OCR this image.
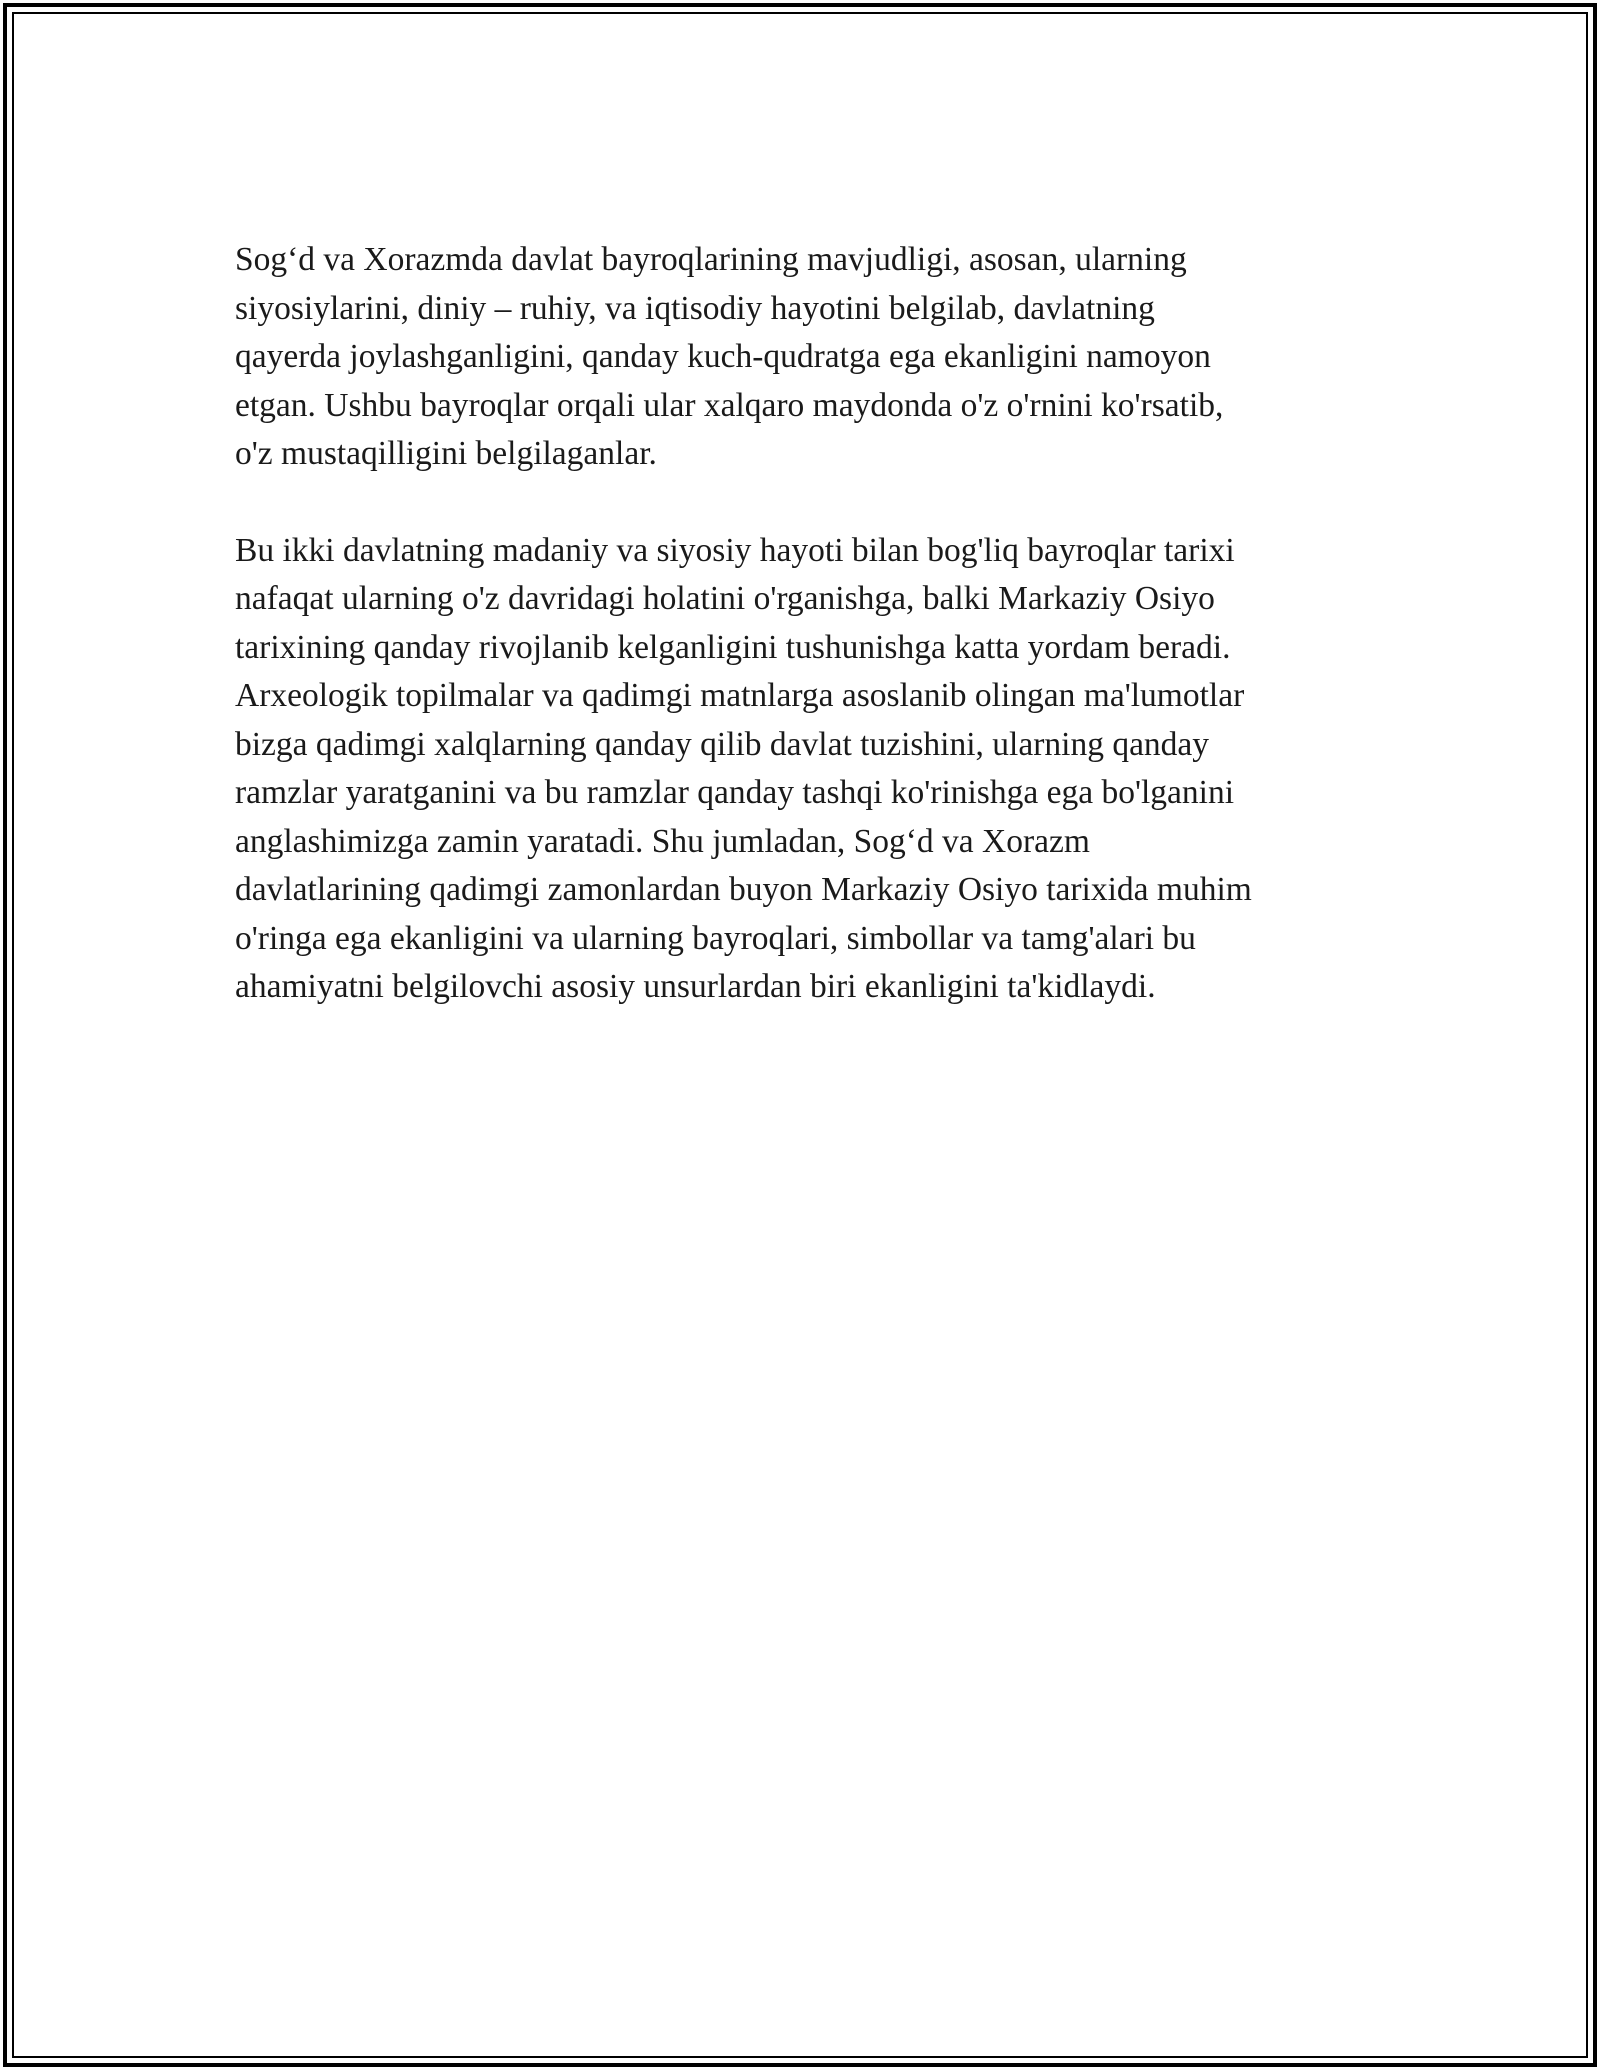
Sog‘d va Xorazmda davlat bayroqlarining mavjudligi, asosan, ularning
siyosiylarini, diniy – ruhiy, va iqtisodiy hayotini belgilab, davlatning
qayerda joylashganligini, qanday kuch-qudratga ega ekanligini namoyon
etgan. Ushbu bayroqlar orqali ular xalqaro maydonda o'z o'rnini ko'rsatib,
o'z mustaqilligini belgilaganlar.

Bu ikki davlatning madaniy va siyosiy hayoti bilan bog'liq bayroqlar tarixi
nafaqat ularning o'z davridagi holatini o'rganishga, balki Markaziy Osiyo
tarixining qanday rivojlanib kelganligini tushunishga katta yordam beradi.
Arxeologik topilmalar va qadimgi matnlarga asoslanib olingan ma'lumotlar
bizga qadimgi xalqlarning qanday qilib davlat tuzishini, ularning qanday
ramzlar yaratganini va bu ramzlar qanday tashqi ko'rinishga ega bo'lganini
anglashimizga zamin yaratadi. Shu jumladan, Sog‘d va Xorazm
davlatlarining qadimgi zamonlardan buyon Markaziy Osiyo tarixida muhim
o'ringa ega ekanligini va ularning bayroqlari, simbollar va tamg'alari bu
ahamiyatni belgilovchi asosiy unsurlardan biri ekanligini ta'kidlaydi.
